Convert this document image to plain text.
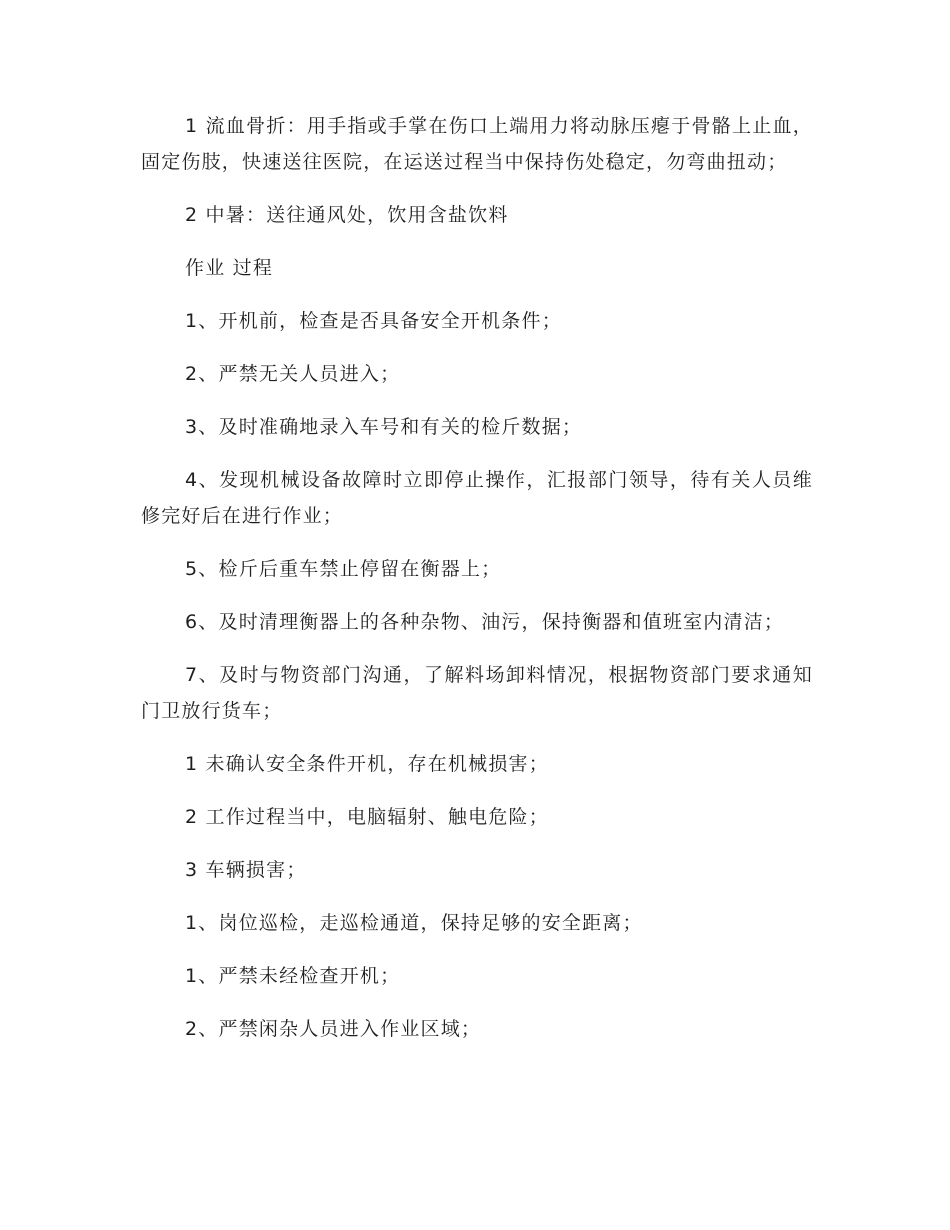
1 流血骨折：用手指或手掌在伤口上端用力将动脉压瘪于骨骼上止血，固定伤肢，快速送往医院，在运送过程当中保持伤处稳定，勿弯曲扭动；

2 中暑：送往通风处，饮用含盐饮料

作业 过程

1、开机前，检查是否具备安全开机条件；

2、严禁无关人员进入；

3、及时准确地录入车号和有关的检斤数据；

4、发现机械设备故障时立即停止操作，汇报部门领导，待有关人员维修完好后在进行作业；

5、检斤后重车禁止停留在衡器上；

6、及时清理衡器上的各种杂物、油污，保持衡器和值班室内清洁；

7、及时与物资部门沟通，了解料场卸料情况，根据物资部门要求通知门卫放行货车；

1 未确认安全条件开机，存在机械损害；

2 工作过程当中，电脑辐射、触电危险；

3 车辆损害；

1、岗位巡检，走巡检通道，保持足够的安全距离；

1、严禁未经检查开机；

2、严禁闲杂人员进入作业区域；
